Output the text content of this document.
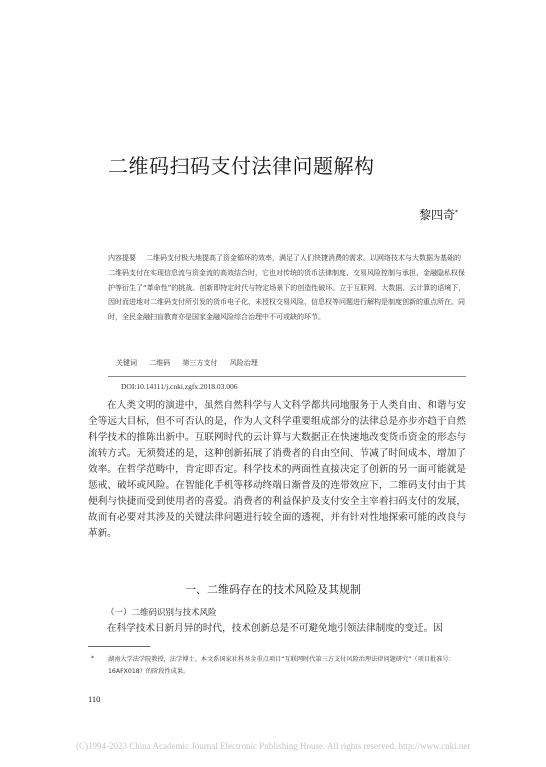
二维码扫码支付法律问题解构
黎四奇*
内容提要 二维码支付极大地提高了资金循环的效率，满足了人们快捷消费的需求。以网络技术与大数据为基础的二维码支付在实现信息流与资金流的高效结合时，它也对传统的货币法律制度、交易风险控制与承担、金融隐私权保护等衍生了“革命性”的挑战。创新即特定时代与特定场景下的创造性破坏。立于互联网、大数据、云计算的语境下，因时而进地对二维码支付所引发的货币电子化、未授权交易风险、信息权等问题进行解构是制度创新的重点所在。同时，全民金融扫盲教育亦是国家金融风险综合治理中不可或缺的环节。
关键词 二维码 第三方支付 风险治理
DOI:10.14111/j.cnki.zgfx.2018.03.006
在人类文明的演进中，虽然自然科学与人文科学都共同地服务于人类自由、和谐与安全等远大目标，但不可否认的是，作为人文科学重要组成部分的法律总是亦步亦趋于自然科学技术的推陈出新中。互联网时代的云计算与大数据正在快速地改变货币资金的形态与流转方式。无须赘述的是，这种创新拓展了消费者的自由空间、节减了时间成本、增加了效率。在哲学范畴中，肯定即否定。科学技术的两面性直接决定了创新的另一面可能就是惩戒、破坏或风险。在智能化手机等移动终端日渐普及的连带效应下，二维码支付由于其便利与快捷而受到使用者的喜爱。消费者的利益保护及支付安全主宰着扫码支付的发展，故而有必要对其涉及的关键法律问题进行较全面的透视，并有针对性地探索可能的改良与革新。
一、二维码存在的技术风险及其规制
（一）二维码识别与技术风险
在科学技术日新月异的时代，技术创新总是不可避免地引领法律制度的变迁。因
* 湖南大学法学院教授，法学博士。本文系国家社科基金重点项目“互联网时代第三方支付风险治理法律问题研究”（项目批准号：16AFX018）的阶段性成果。
110
(C)1994-2023 China Academic Journal Electronic Publishing House. All rights reserved. http://www.cnki.net
